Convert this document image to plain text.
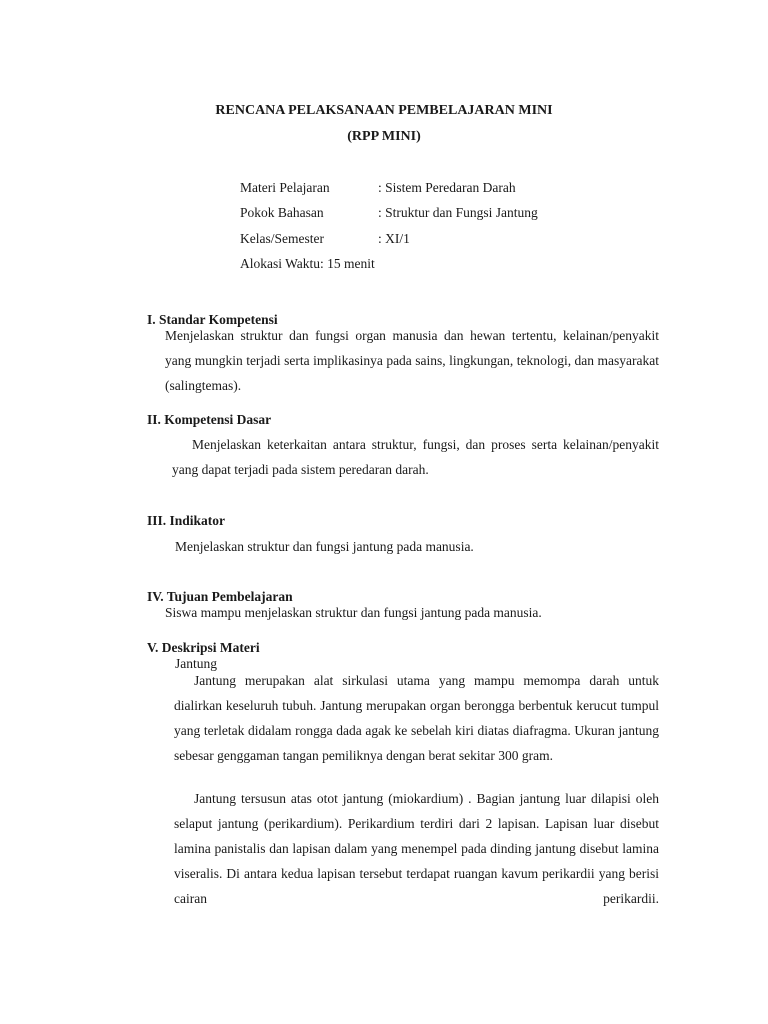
RENCANA PELAKSANAAN PEMBELAJARAN MINI
(RPP MINI)
Materi Pelajaran	: Sistem Peredaran Darah
Pokok Bahasan	: Struktur dan Fungsi Jantung
Kelas/Semester	: XI/1
Alokasi Waktu: 15 menit
I. Standar Kompetensi
Menjelaskan struktur dan fungsi organ manusia dan hewan tertentu, kelainan/penyakit yang mungkin terjadi serta implikasinya pada sains, lingkungan, teknologi, dan masyarakat (salingtemas).
II. Kompetensi Dasar
Menjelaskan keterkaitan antara struktur, fungsi, dan proses serta kelainan/penyakit yang dapat terjadi pada sistem peredaran darah.
III. Indikator
Menjelaskan struktur dan fungsi jantung pada manusia.
IV. Tujuan Pembelajaran
Siswa mampu menjelaskan struktur dan fungsi jantung pada manusia.
V. Deskripsi Materi
Jantung
Jantung merupakan alat sirkulasi utama yang mampu memompa darah untuk dialirkan keseluruh tubuh. Jantung merupakan organ berongga berbentuk kerucut tumpul yang terletak didalam rongga dada agak ke sebelah kiri diatas diafragma. Ukuran jantung sebesar genggaman tangan pemiliknya dengan berat sekitar 300 gram.
Jantung tersusun atas otot jantung (miokardium) . Bagian jantung luar dilapisi oleh selaput jantung (perikardium). Perikardium terdiri dari 2 lapisan. Lapisan luar disebut lamina panistalis dan lapisan dalam yang menempel pada dinding jantung disebut lamina viseralis. Di antara kedua lapisan tersebut terdapat ruangan kavum perikardii yang berisi cairan perikardii.
